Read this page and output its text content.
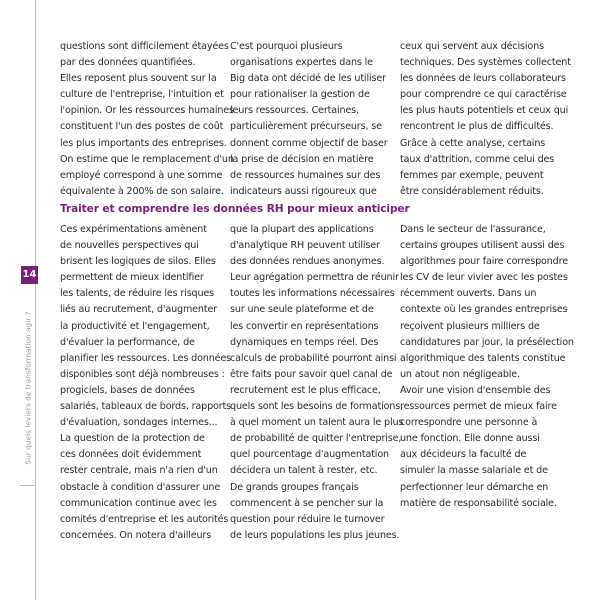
14
Sur quels leviers de transformation agir ?
questions sont difficilement étayées
par des données quantifiées.
Elles reposent plus souvent sur la
culture de l'entreprise, l'intuition et
l'opinion. Or les ressources humaines
constituent l'un des postes de coût
les plus importants des entreprises.
On estime que le remplacement d'un
employé correspond à une somme
équivalente à 200% de son salaire.
C'est pourquoi plusieurs
organisations expertes dans le
Big data ont décidé de les utiliser
pour rationaliser la gestion de
leurs ressources. Certaines,
particulièrement précurseurs, se
donnent comme objectif de baser
la prise de décision en matière
de ressources humaines sur des
indicateurs aussi rigoureux que
ceux qui servent aux décisions
techniques. Des systèmes collectent
les données de leurs collaborateurs
pour comprendre ce qui caractérise
les plus hauts potentiels et ceux qui
rencontrent le plus de difficultés.
Grâce à cette analyse, certains
taux d'attrition, comme celui des
femmes par exemple, peuvent
être considérablement réduits.
Traiter et comprendre les données RH pour mieux anticiper
Ces expérimentations amènent
de nouvelles perspectives qui
brisent les logiques de silos. Elles
permettent de mieux identifier
les talents, de réduire les risques
liés au recrutement, d'augmenter
la productivité et l'engagement,
d'évaluer la performance, de
planifier les ressources. Les données
disponibles sont déjà nombreuses :
progiciels, bases de données
salariés, tableaux de bords, rapports
d'évaluation, sondages internes...
La question de la protection de
ces données doit évidemment
rester centrale, mais n'a rien d'un
obstacle à condition d'assurer une
communication continue avec les
comités d'entreprise et les autorités
concernées. On notera d'ailleurs
que la plupart des applications
d'analytique RH peuvent utiliser
des données rendues anonymes.
Leur agrégation permettra de réunir
toutes les informations nécessaires
sur une seule plateforme et de
les convertir en représentations
dynamiques en temps réel. Des
calculs de probabilité pourront ainsi
être faits pour savoir quel canal de
recrutement est le plus efficace,
quels sont les besoins de formations,
à quel moment un talent aura le plus
de probabilité de quitter l'entreprise,
quel pourcentage d'augmentation
décidera un talent à rester, etc.
De grands groupes français
commencent à se pencher sur la
question pour réduire le turnover
de leurs populations les plus jeunes.
Dans le secteur de l'assurance,
certains groupes utilisent aussi des
algorithmes pour faire correspondre
les CV de leur vivier avec les postes
récemment ouverts. Dans un
contexte où les grandes entreprises
reçoivent plusieurs milliers de
candidatures par jour, la présélection
algorithmique des talents constitue
un atout non négligeable.
Avoir une vision d'ensemble des
ressources permet de mieux faire
correspondre une personne à
une fonction. Elle donne aussi
aux décideurs la faculté de
simuler la masse salariale et de
perfectionner leur démarche en
matière de responsabilité sociale.
